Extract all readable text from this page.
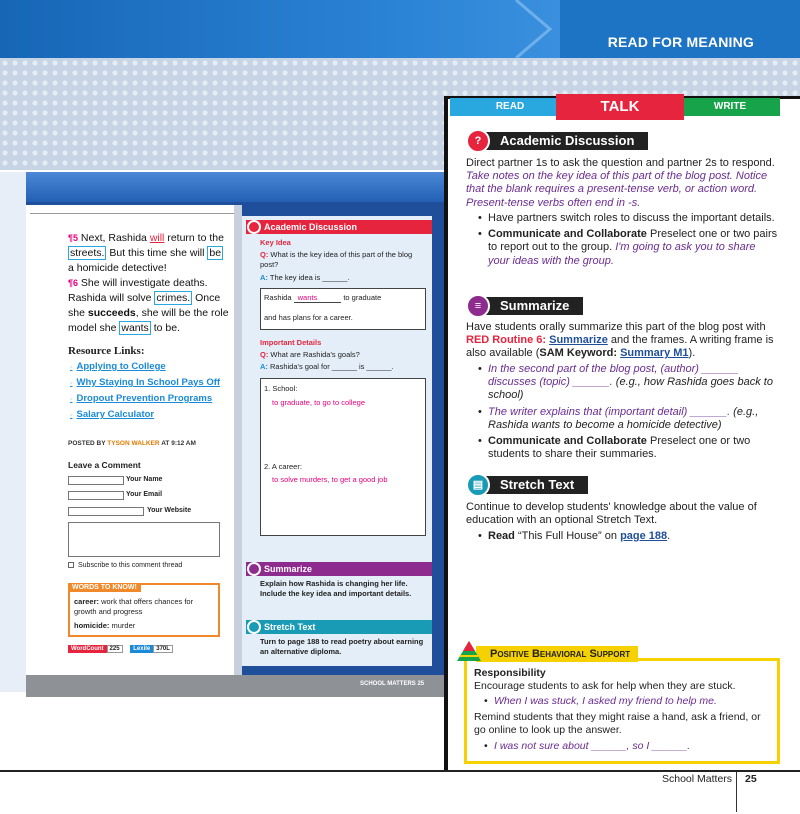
READ FOR MEANING
SCHOOL MATTERS 25
¶5 Next, Rashida will return to the streets. But this time she will be a homicide detective!
¶6 She will investigate deaths. Rashida will solve crimes. Once she succeeds, she will be the role model she wants to be.
Resource Links:
◦ Applying to College
◦ Why Staying In School Pays Off
◦ Dropout Prevention Programs
◦ Salary Calculator
POSTED BY TYSON WALKER AT 9:12 AM
Leave a Comment
Your Name
Your Email
Your Website
Subscribe to this comment thread
WORDS TO KNOW!
career: work that offers chances for growth and progress
homicide: murder
WordCount 225 Lexile 370L
Academic Discussion
Key Idea
Q: What is the key idea of this part of the blog post?
A: The key idea is ______.
Rashida wants	to graduate
and has plans for a career.
Important Details
Q: What are Rashida's goals?
A: Rashida's goal for ______ is ______.
1. School:
to graduate, to go to college
2. A career:
to solve murders, to get a good job
Summarize
Explain how Rashida is changing her life. Include the key idea and important details.
Stretch Text
Turn to page 188 to read poetry about earning an alternative diploma.
READ	WRITE
TALK
?	Academic Discussion
Direct partner 1s to ask the question and partner 2s to respond. Take notes on the key idea of this part of the blog post. Notice that the blank requires a present-tense verb, or action word. Present-tense verbs often end in -s.
• Have partners switch roles to discuss the important details.
• Communicate and Collaborate Preselect one or two pairs to report out to the group. I'm going to ask you to share your ideas with the group.
≡	Summarize
Have students orally summarize this part of the blog post with RED Routine 6: Summarize and the frames. A writing frame is also available (SAM Keyword: Summary M1).
• In the second part of the blog post, (author) ______ discusses (topic) ______. (e.g., how Rashida goes back to school)
• The writer explains that (important detail) ______. (e.g., Rashida wants to become a homicide detective)
• Communicate and Collaborate Preselect one or two students to share their summaries.
▤	Stretch Text
Continue to develop students' knowledge about the value of education with an optional Stretch Text.
• Read “This Full House” on page 188.
Positive Behavioral Support
Responsibility
Encourage students to ask for help when they are stuck.
• When I was stuck, I asked my friend to help me.
Remind students that they might raise a hand, ask a friend, or go online to look up the answer.
• I was not sure about ______, so I ______.
School Matters 25
